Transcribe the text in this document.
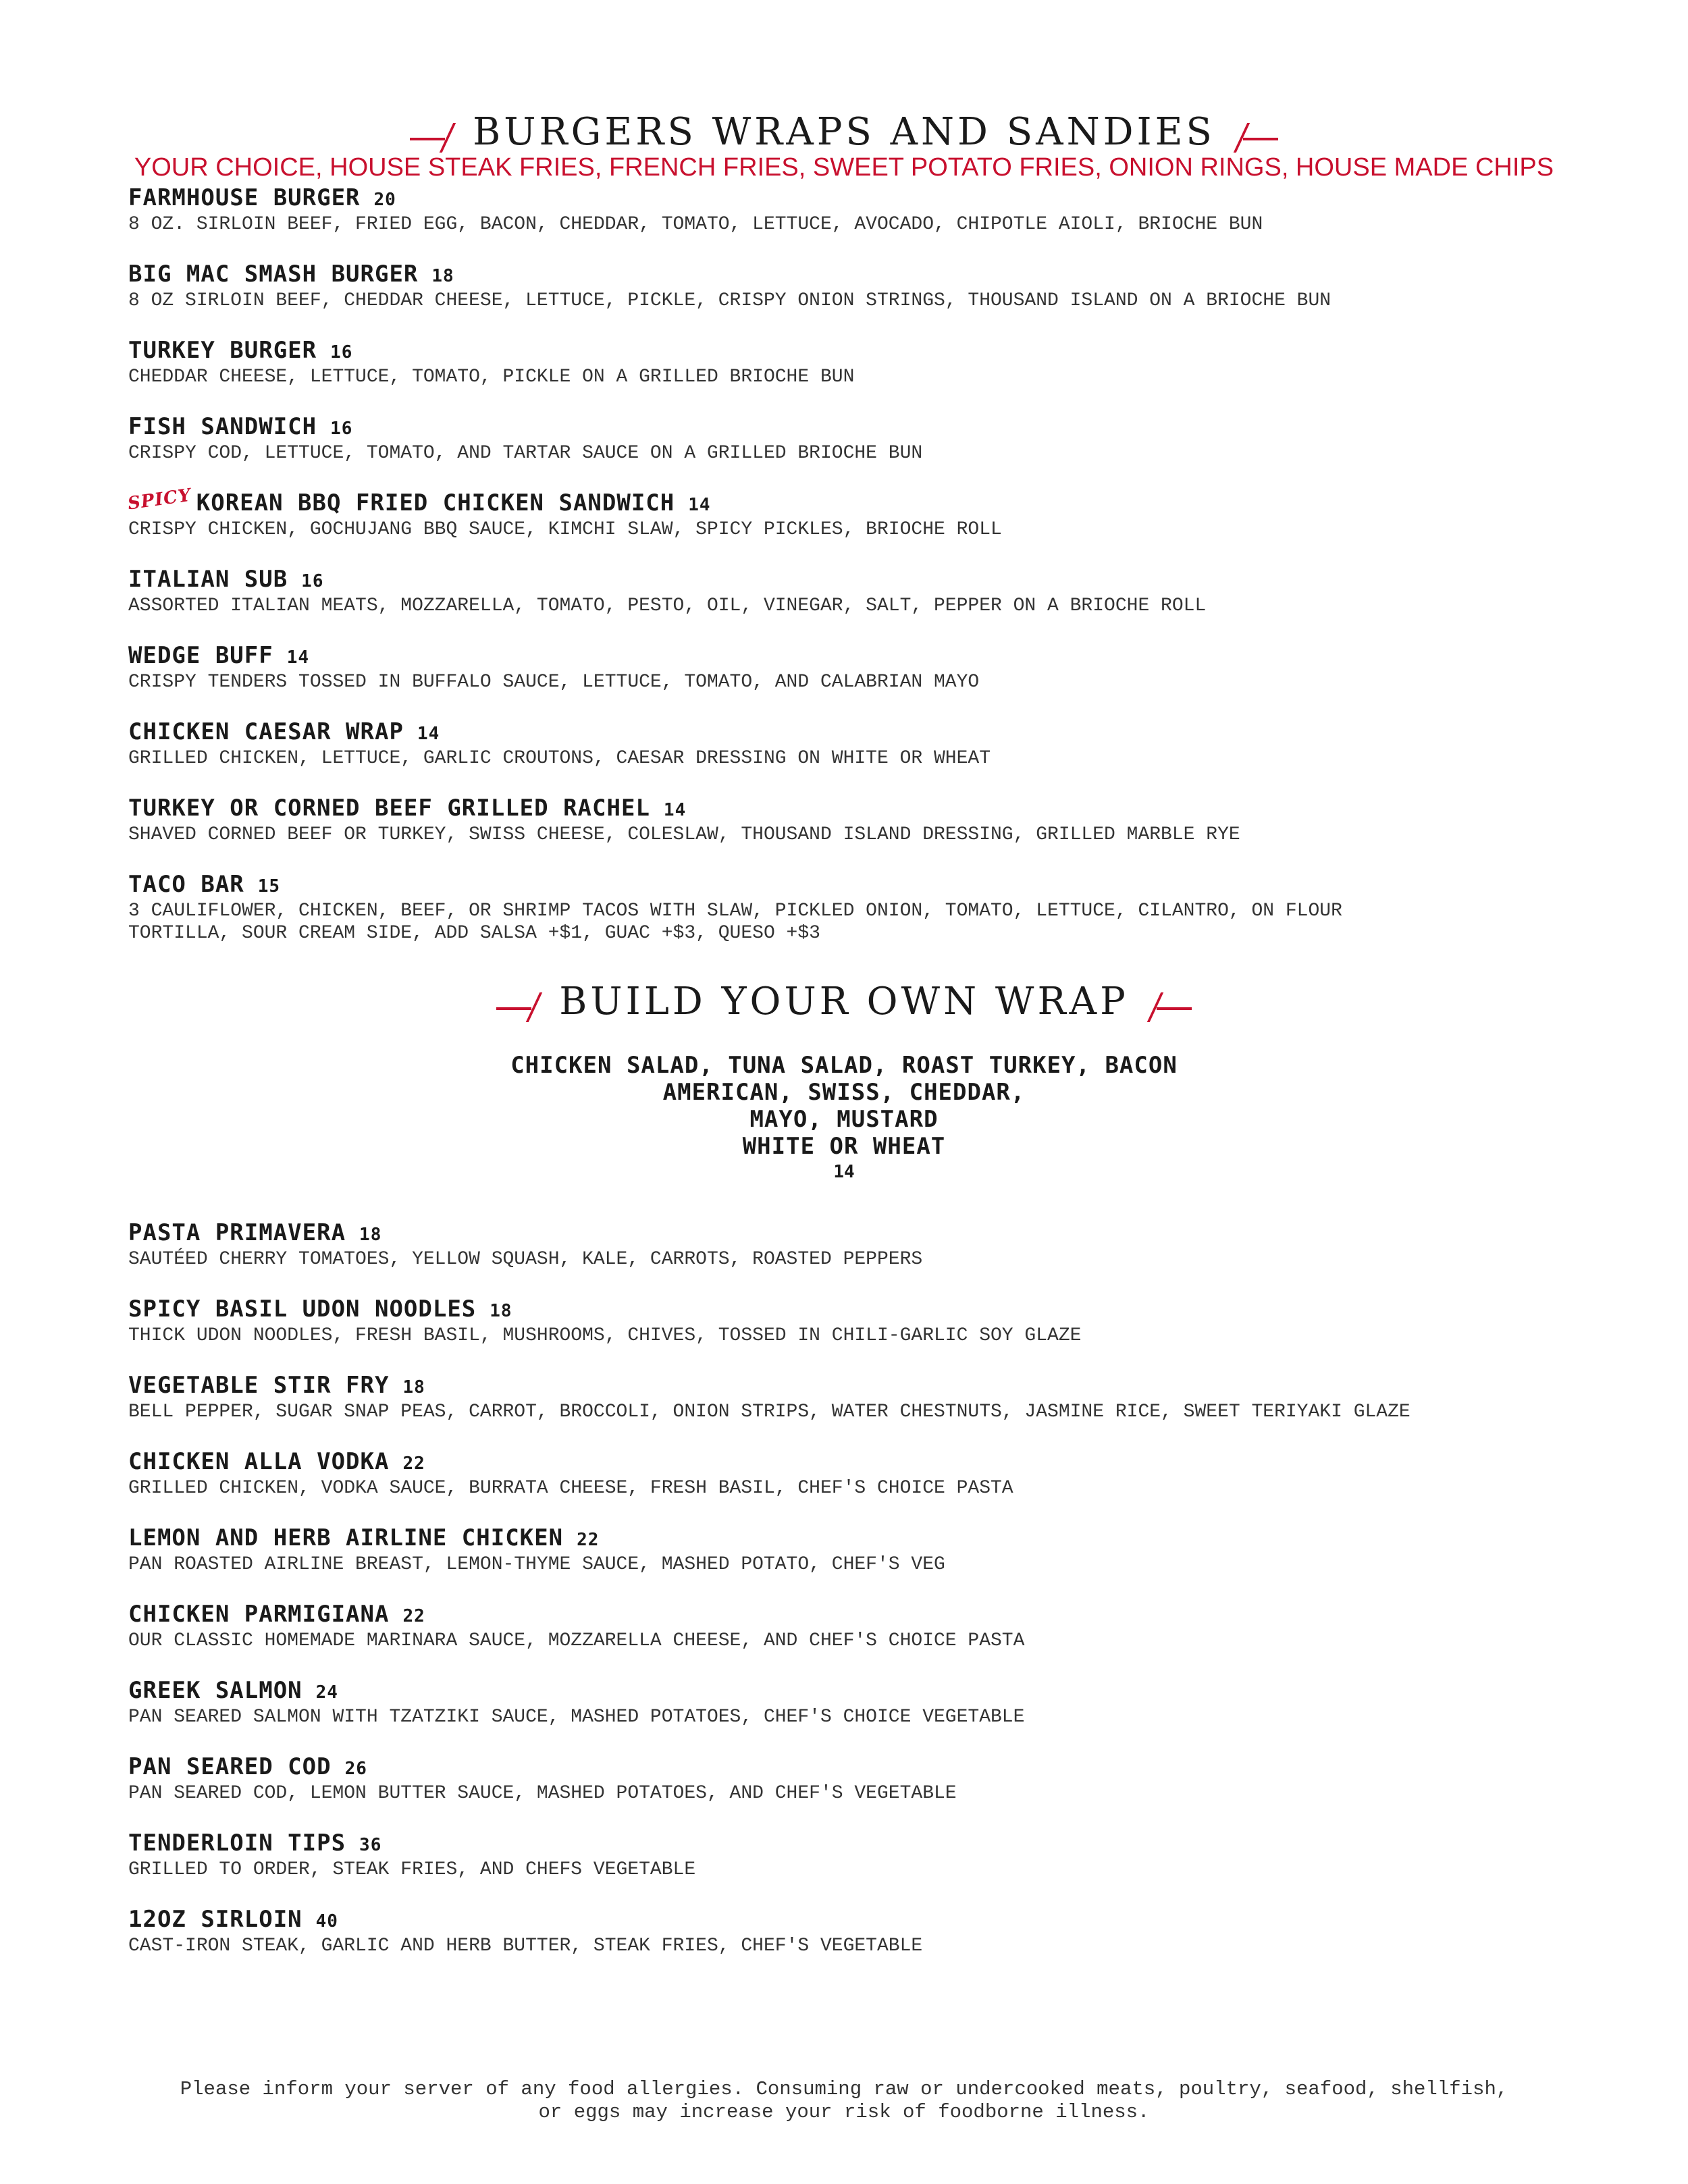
BURGERS WRAPS AND SANDIES
YOUR CHOICE, HOUSE STEAK FRIES, FRENCH FRIES, SWEET POTATO FRIES, ONION RINGS, HOUSE MADE CHIPS
FARMHOUSE BURGER 20
8 OZ. SIRLOIN BEEF, FRIED EGG, BACON, CHEDDAR, TOMATO, LETTUCE, AVOCADO, CHIPOTLE AIOLI, BRIOCHE BUN
BIG MAC SMASH BURGER 18
8 OZ SIRLOIN BEEF, CHEDDAR CHEESE, LETTUCE, PICKLE, CRISPY ONION STRINGS, THOUSAND ISLAND ON A BRIOCHE BUN
TURKEY BURGER 16
CHEDDAR CHEESE, LETTUCE, TOMATO, PICKLE ON A GRILLED BRIOCHE BUN
FISH SANDWICH 16
CRISPY COD, LETTUCE, TOMATO, AND TARTAR SAUCE ON A GRILLED BRIOCHE BUN
SPICY KOREAN BBQ FRIED CHICKEN SANDWICH 14
CRISPY CHICKEN, GOCHUJANG BBQ SAUCE, KIMCHI SLAW, SPICY PICKLES, BRIOCHE ROLL
ITALIAN SUB 16
ASSORTED ITALIAN MEATS, MOZZARELLA, TOMATO, PESTO, OIL, VINEGAR, SALT, PEPPER ON A BRIOCHE ROLL
WEDGE BUFF 14
CRISPY TENDERS TOSSED IN BUFFALO SAUCE, LETTUCE, TOMATO, AND CALABRIAN MAYO
CHICKEN CAESAR WRAP 14
GRILLED CHICKEN, LETTUCE, GARLIC CROUTONS, CAESAR DRESSING ON WHITE OR WHEAT
TURKEY OR CORNED BEEF GRILLED RACHEL 14
SHAVED CORNED BEEF OR TURKEY, SWISS CHEESE, COLESLAW, THOUSAND ISLAND DRESSING, GRILLED MARBLE RYE
TACO BAR 15
3 CAULIFLOWER, CHICKEN, BEEF, OR SHRIMP TACOS WITH SLAW, PICKLED ONION, TOMATO, LETTUCE, CILANTRO, ON FLOUR
TORTILLA, SOUR CREAM SIDE, ADD SALSA +$1, GUAC +$3, QUESO +$3
BUILD YOUR OWN WRAP
CHICKEN SALAD, TUNA SALAD, ROAST TURKEY, BACON
AMERICAN, SWISS, CHEDDAR,
MAYO, MUSTARD
WHITE OR WHEAT
14
PASTA PRIMAVERA 18
SAUTÉED CHERRY TOMATOES, YELLOW SQUASH, KALE, CARROTS, ROASTED PEPPERS
SPICY BASIL UDON NOODLES 18
THICK UDON NOODLES, FRESH BASIL, MUSHROOMS, CHIVES, TOSSED IN CHILI-GARLIC SOY GLAZE
VEGETABLE STIR FRY 18
BELL PEPPER, SUGAR SNAP PEAS, CARROT, BROCCOLI, ONION STRIPS, WATER CHESTNUTS, JASMINE RICE, SWEET TERIYAKI GLAZE
CHICKEN ALLA VODKA 22
GRILLED CHICKEN, VODKA SAUCE, BURRATA CHEESE, FRESH BASIL, CHEF'S CHOICE PASTA
LEMON AND HERB AIRLINE CHICKEN 22
PAN ROASTED AIRLINE BREAST, LEMON-THYME SAUCE, MASHED POTATO, CHEF'S VEG
CHICKEN PARMIGIANA 22
OUR CLASSIC HOMEMADE MARINARA SAUCE, MOZZARELLA CHEESE, AND CHEF'S CHOICE PASTA
GREEK SALMON 24
PAN SEARED SALMON WITH TZATZIKI SAUCE, MASHED POTATOES, CHEF'S CHOICE VEGETABLE
PAN SEARED COD 26
PAN SEARED COD, LEMON BUTTER SAUCE, MASHED POTATOES, AND CHEF'S VEGETABLE
TENDERLOIN TIPS 36
GRILLED TO ORDER, STEAK FRIES, AND CHEFS VEGETABLE
12OZ SIRLOIN 40
CAST-IRON STEAK, GARLIC AND HERB BUTTER, STEAK FRIES, CHEF'S VEGETABLE
Please inform your server of any food allergies. Consuming raw or undercooked meats, poultry, seafood, shellfish,
or eggs may increase your risk of foodborne illness.
